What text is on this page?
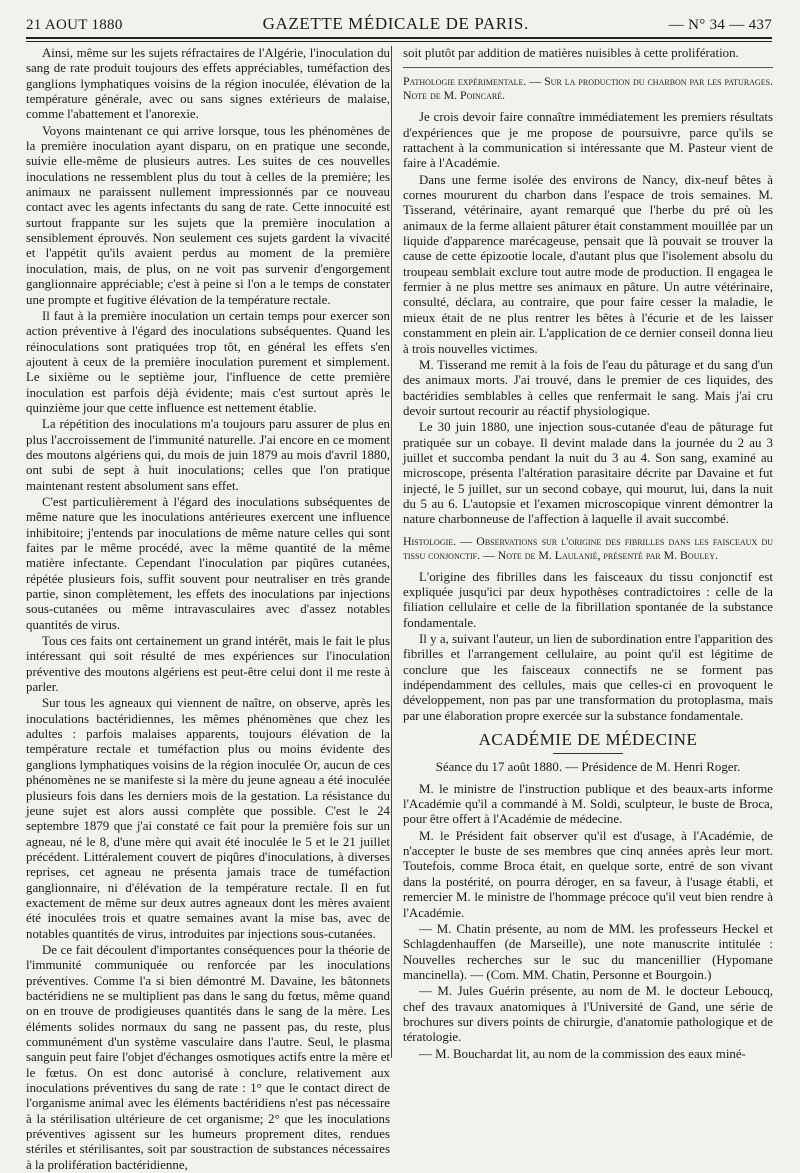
21 AOUT 1880	GAZETTE MÉDICALE DE PARIS.	— N° 34 — 437

Ainsi, même sur les sujets réfractaires de l'Algérie, l'inoculation du sang de rate produit toujours des effets appréciables, tuméfaction des ganglions lymphatiques voisins de la région inoculée, élévation de la température générale, avec ou sans signes extérieurs de malaise, comme l'abattement et l'anorexie.

Voyons maintenant ce qui arrive lorsque, tous les phénomènes de la première inoculation ayant disparu, on en pratique une seconde, suivie elle-même de plusieurs autres. Les suites de ces nouvelles inoculations ne ressemblent plus du tout à celles de la première; les animaux ne paraissent nullement impressionnés par ce nouveau contact avec les agents infectants du sang de rate. Cette innocuité est surtout frappante sur les sujets que la première inoculation a sensiblement éprouvés. Non seulement ces sujets gardent la vivacité et l'appétit qu'ils avaient perdus au moment de la première inoculation, mais, de plus, on ne voit pas survenir d'engorgement ganglionnaire appréciable; c'est à peine si l'on a le temps de constater une prompte et fugitive élévation de la température rectale.

Il faut à la première inoculation un certain temps pour exercer son action préventive à l'égard des inoculations subséquentes. Quand les réinoculations sont pratiquées trop tôt, en général les effets s'en ajoutent à ceux de la première inoculation purement et simplement. Le sixième ou le septième jour, l'influence de cette première inoculation est parfois déjà évidente; mais c'est surtout après le quinzième jour que cette influence est nettement établie.

La répétition des inoculations m'a toujours paru assurer de plus en plus l'accroissement de l'immunité naturelle. J'ai encore en ce moment des moutons algériens qui, du mois de juin 1879 au mois d'avril 1880, ont subi de sept à huit inoculations; celles que l'on pratique maintenant restent absolument sans effet.

C'est particulièrement à l'égard des inoculations subséquentes de même nature que les inoculations antérieures exercent une influence inhibitoire; j'entends par inoculations de même nature celles qui sont faites par le même procédé, avec la même quantité de la même matière infectante. Cependant l'inoculation par piqûres cutanées, répétée plusieurs fois, suffit souvent pour neutraliser en très grande partie, sinon complètement, les effets des inoculations par injections sous-cutanées ou même intravasculaires avec d'assez notables quantités de virus.

Tous ces faits ont certainement un grand intérêt, mais le fait le plus intéressant qui soit résulté de mes expériences sur l'inoculation préventive des moutons algériens est peut-être celui dont il me reste à parler.

Sur tous les agneaux qui viennent de naître, on observe, après les inoculations bactéridiennes, les mêmes phénomènes que chez les adultes : parfois malaises apparents, toujours élévation de la température rectale et tuméfaction plus ou moins évidente des ganglions lymphatiques voisins de la région inoculée Or, aucun de ces phénomènes ne se manifeste si la mère du jeune agneau a été inoculée plusieurs fois dans les derniers mois de la gestation. La résistance du jeune sujet est alors aussi complète que possible. C'est le 24 septembre 1879 que j'ai constaté ce fait pour la première fois sur un agneau, né le 8, d'une mère qui avait été inoculée le 5 et le 21 juillet précédent. Littéralement couvert de piqûres d'inoculations, à diverses reprises, cet agneau ne présenta jamais trace de tuméfaction ganglionnaire, ni d'élévation de la température rectale. Il en fut exactement de même sur deux autres agneaux dont les mères avaient été inoculées trois et quatre semaines avant la mise bas, avec de notables quantités de virus, introduites par injections sous-cutanées.

De ce fait découlent d'importantes conséquences pour la théorie de l'immunité communiquée ou renforcée par les inoculations préventives. Comme l'a si bien démontré M. Davaine, les bâtonnets bactéridiens ne se multiplient pas dans le sang du fœtus, même quand on en trouve de prodigieuses quantités dans le sang de la mère. Les éléments solides normaux du sang ne passent pas, du reste, plus communément d'un système vasculaire dans l'autre. Seul, le plasma sanguin peut faire l'objet d'échanges osmotiques actifs entre la mère et le fœtus. On est donc autorisé à conclure, relativement aux inoculations préventives du sang de rate : 1° que le contact direct de l'organisme animal avec les éléments bactéridiens n'est pas nécessaire à la stérilisation ultérieure de cet organisme; 2° que les inoculations préventives agissent sur les humeurs proprement dites, rendues stériles et stérilisantes, soit par soustraction de substances nécessaires à la prolifération bactéridienne,

soit plutôt par addition de matières nuisibles à cette prolifération.

Pathologie expérimentale. — Sur la production du charbon par les paturages. Note de M. Poincaré.

Je crois devoir faire connaître immédiatement les premiers résultats d'expériences que je me propose de poursuivre, parce qu'ils se rattachent à la communication si intéressante que M. Pasteur vient de faire à l'Académie.

Dans une ferme isolée des environs de Nancy, dix-neuf bêtes à cornes moururent du charbon dans l'espace de trois semaines. M. Tisserand, vétérinaire, ayant remarqué que l'herbe du pré où les animaux de la ferme allaient pâturer était constamment mouillée par un liquide d'apparence marécageuse, pensait que là pouvait se trouver la cause de cette épizootie locale, d'autant plus que l'isolement absolu du troupeau semblait exclure tout autre mode de production. Il engagea le fermier à ne plus mettre ses animaux en pâture. Un autre vétérinaire, consulté, déclara, au contraire, que pour faire cesser la maladie, le mieux était de ne plus rentrer les bêtes à l'écurie et de les laisser constamment en plein air. L'application de ce dernier conseil donna lieu à trois nouvelles victimes.

M. Tisserand me remit à la fois de l'eau du pâturage et du sang d'un des animaux morts. J'ai trouvé, dans le premier de ces liquides, des bactéridies semblables à celles que renfermait le sang. Mais j'ai cru devoir surtout recourir au réactif physiologique.

Le 30 juin 1880, une injection sous-cutanée d'eau de pâturage fut pratiquée sur un cobaye. Il devint malade dans la journée du 2 au 3 juillet et succomba pendant la nuit du 3 au 4. Son sang, examiné au microscope, présenta l'altération parasitaire décrite par Davaine et fut injecté, le 5 juillet, sur un second cobaye, qui mourut, lui, dans la nuit du 5 au 6. L'autopsie et l'examen microscopique vinrent démontrer la nature charbonneuse de l'affection à laquelle il avait succombé.

Histologie. — Observations sur l'origine des fibrilles dans les faisceaux du tissu conjonctif. — Note de M. Laulanié, présenté par M. Bouley.

L'origine des fibrilles dans les faisceaux du tissu conjonctif est expliquée jusqu'ici par deux hypothèses contradictoires : celle de la filiation cellulaire et celle de la fibrillation spontanée de la substance fondamentale.

Il y a, suivant l'auteur, un lien de subordination entre l'apparition des fibrilles et l'arrangement cellulaire, au point qu'il est légitime de conclure que les faisceaux connectifs ne se forment pas indépendamment des cellules, mais que celles-ci en provoquent le développement, non pas par une transformation du protoplasma, mais par une élaboration propre exercée sur la substance fondamentale.

ACADÉMIE DE MÉDECINE

Séance du 17 août 1880. — Présidence de M. Henri Roger.

M. le ministre de l'instruction publique et des beaux-arts informe l'Académie qu'il a commandé à M. Soldi, sculpteur, le buste de Broca, pour être offert à l'Académie de médecine.

M. le Président fait observer qu'il est d'usage, à l'Académie, de n'accepter le buste de ses membres que cinq années après leur mort. Toutefois, comme Broca était, en quelque sorte, entré de son vivant dans la postérité, on pourra déroger, en sa faveur, à l'usage établi, et remercier M. le ministre de l'hommage précoce qu'il veut bien rendre à l'Académie.

— M. Chatin présente, au nom de MM. les professeurs Heckel et Schlagdenhauffen (de Marseille), une note manuscrite intitulée : Nouvelles recherches sur le suc du mancenillier (Hypomane mancinella). — (Com. MM. Chatin, Personne et Bourgoin.)

— M. Jules Guérin présente, au nom de M. le docteur Leboucq, chef des travaux anatomiques à l'Université de Gand, une série de brochures sur divers points de chirurgie, d'anatomie pathologique et de tératologie.

— M. Bouchardat lit, au nom de la commission des eaux miné-
